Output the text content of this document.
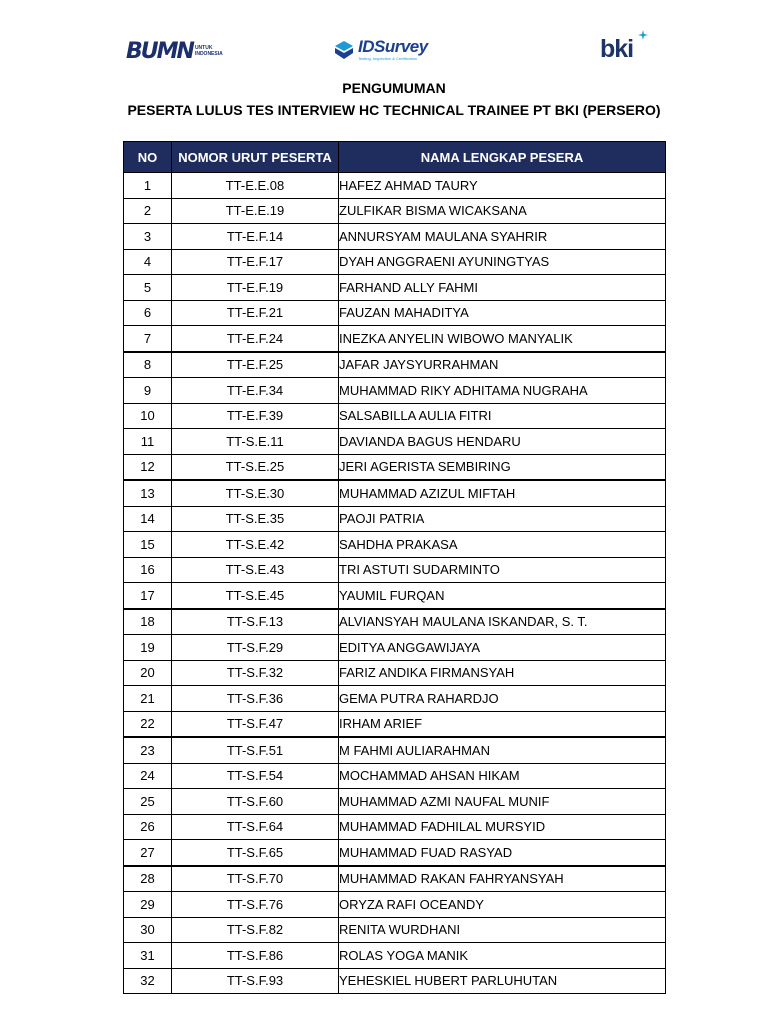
BUMN UNTUK
INDONESIA	IDSurvey
Testing, Inspection & Certification	bki
PENGUMUMAN
PESERTA LULUS TES INTERVIEW HC TECHNICAL TRAINEE PT BKI (PERSERO)
NO	NOMOR URUT PESERTA	NAMA LENGKAP PESERA
1	TT-E.E.08	HAFEZ AHMAD TAURY
2	TT-E.E.19	ZULFIKAR BISMA WICAKSANA
3	TT-E.F.14	ANNURSYAM MAULANA SYAHRIR
4	TT-E.F.17	DYAH ANGGRAENI AYUNINGTYAS
5	TT-E.F.19	FARHAND ALLY FAHMI
6	TT-E.F.21	FAUZAN MAHADITYA
7	TT-E.F.24	INEZKA ANYELIN WIBOWO MANYALIK
8	TT-E.F.25	JAFAR JAYSYURRAHMAN
9	TT-E.F.34	MUHAMMAD RIKY ADHITAMA NUGRAHA
10	TT-E.F.39	SALSABILLA AULIA FITRI
11	TT-S.E.11	DAVIANDA BAGUS HENDARU
12	TT-S.E.25	JERI AGERISTA SEMBIRING
13	TT-S.E.30	MUHAMMAD AZIZUL MIFTAH
14	TT-S.E.35	PAOJI PATRIA
15	TT-S.E.42	SAHDHA PRAKASA
16	TT-S.E.43	TRI ASTUTI SUDARMINTO
17	TT-S.E.45	YAUMIL FURQAN
18	TT-S.F.13	ALVIANSYAH MAULANA ISKANDAR, S. T.
19	TT-S.F.29	EDITYA ANGGAWIJAYA
20	TT-S.F.32	FARIZ ANDIKA FIRMANSYAH
21	TT-S.F.36	GEMA PUTRA RAHARDJO
22	TT-S.F.47	IRHAM ARIEF
23	TT-S.F.51	M FAHMI AULIARAHMAN
24	TT-S.F.54	MOCHAMMAD AHSAN HIKAM
25	TT-S.F.60	MUHAMMAD AZMI NAUFAL MUNIF
26	TT-S.F.64	MUHAMMAD FADHILAL MURSYID
27	TT-S.F.65	MUHAMMAD FUAD RASYAD
28	TT-S.F.70	MUHAMMAD RAKAN FAHRYANSYAH
29	TT-S.F.76	ORYZA RAFI OCEANDY
30	TT-S.F.82	RENITA WURDHANI
31	TT-S.F.86	ROLAS YOGA MANIK
32	TT-S.F.93	YEHESKIEL HUBERT PARLUHUTAN
